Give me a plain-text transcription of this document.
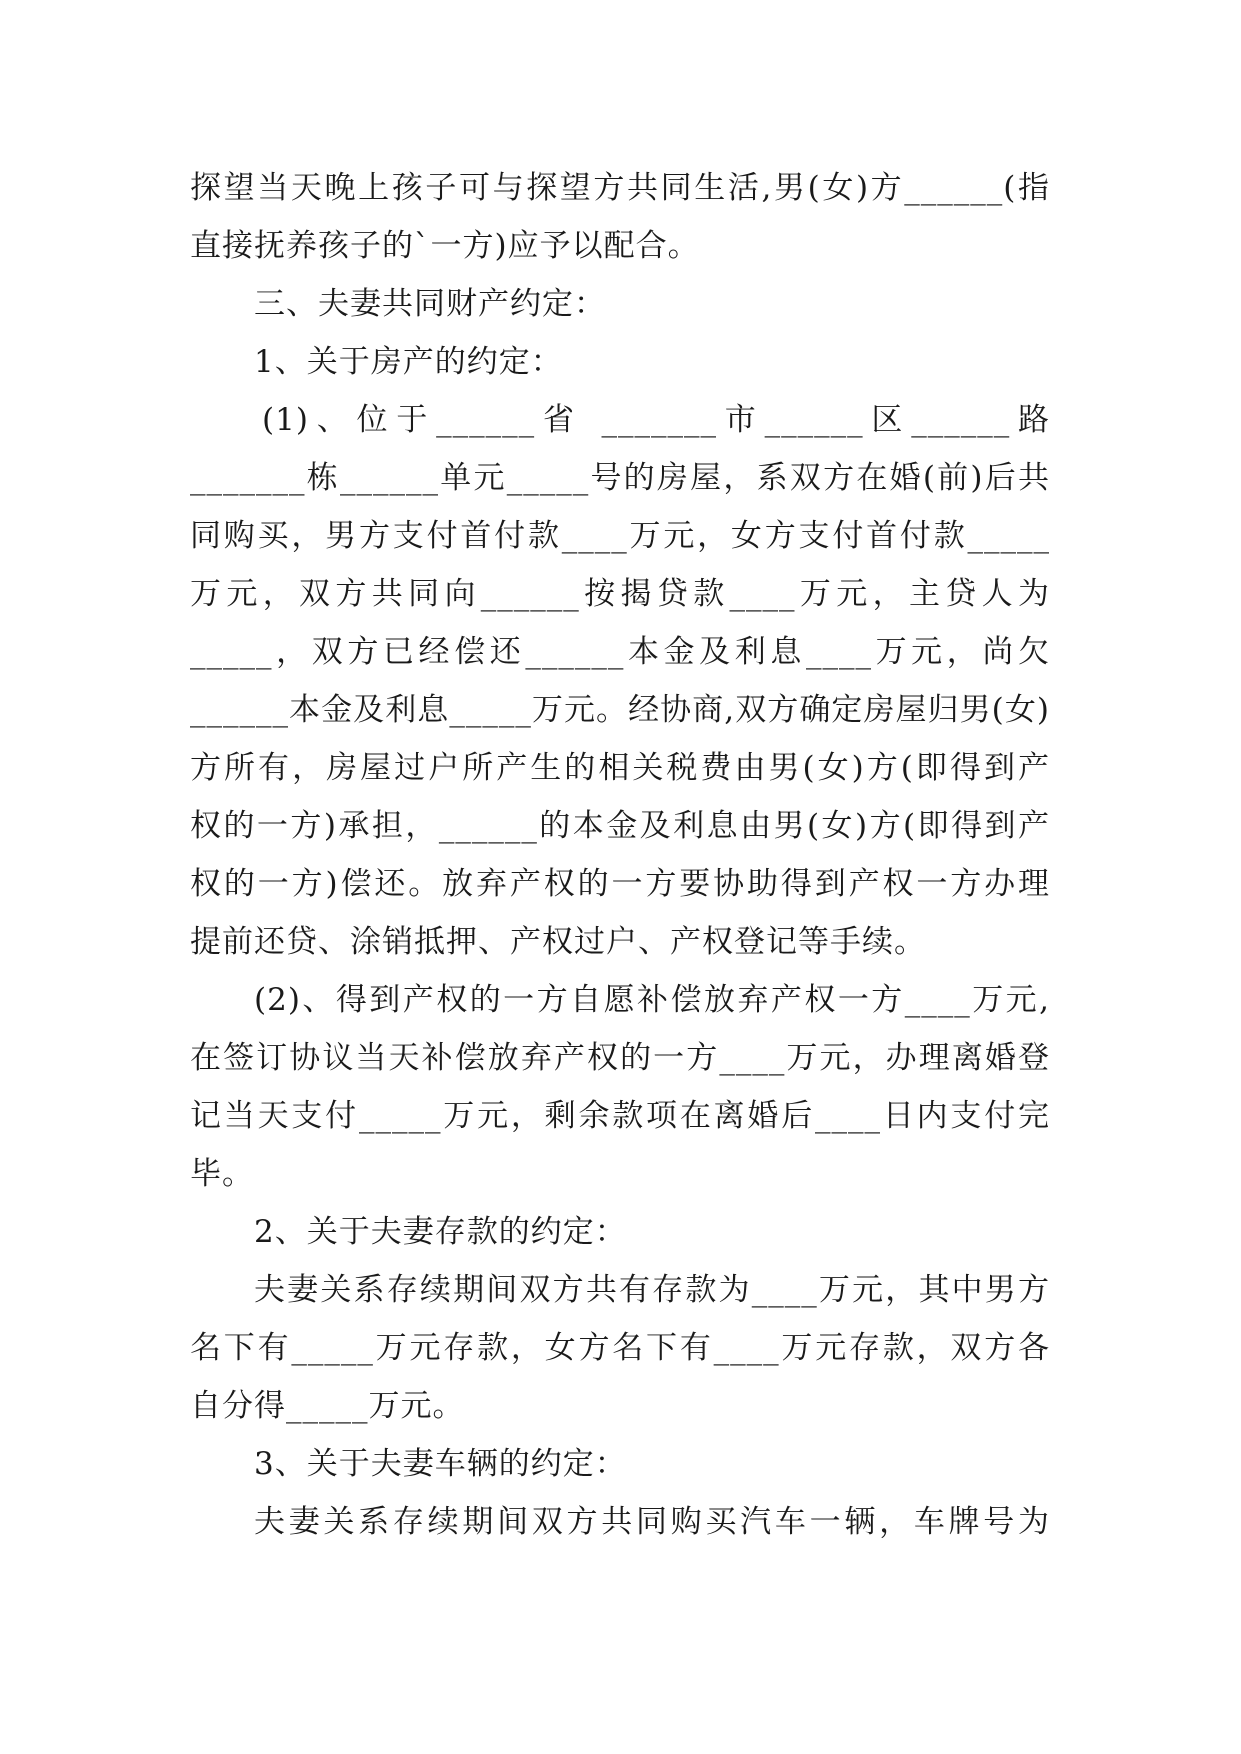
探望当天晚上孩子可与探望方共同生活,男(女)方______(指
直接抚养孩子的`一方)应予以配合。
三、夫妻共同财产约定：
1、关于房产的约定：
(1)、位于______省 _______市______区______路
_______栋______单元_____号的房屋，系双方在婚(前)后共
同购买，男方支付首付款____万元，女方支付首付款_____
万元，双方共同向______按揭贷款____万元，主贷人为
_____，双方已经偿还______本金及利息____万元，尚欠
______本金及利息_____万元。经协商,双方确定房屋归男(女)
方所有，房屋过户所产生的相关税费由男(女)方(即得到产
权的一方)承担，______的本金及利息由男(女)方(即得到产
权的一方)偿还。放弃产权的一方要协助得到产权一方办理
提前还贷、涂销抵押、产权过户、产权登记等手续。
(2)、得到产权的一方自愿补偿放弃产权一方____万元,
在签订协议当天补偿放弃产权的一方____万元，办理离婚登
记当天支付_____万元，剩余款项在离婚后____日内支付完
毕。
2、关于夫妻存款的约定：
夫妻关系存续期间双方共有存款为____万元，其中男方
名下有_____万元存款，女方名下有____万元存款，双方各
自分得_____万元。
3、关于夫妻车辆的约定：
夫妻关系存续期间双方共同购买汽车一辆，车牌号为
